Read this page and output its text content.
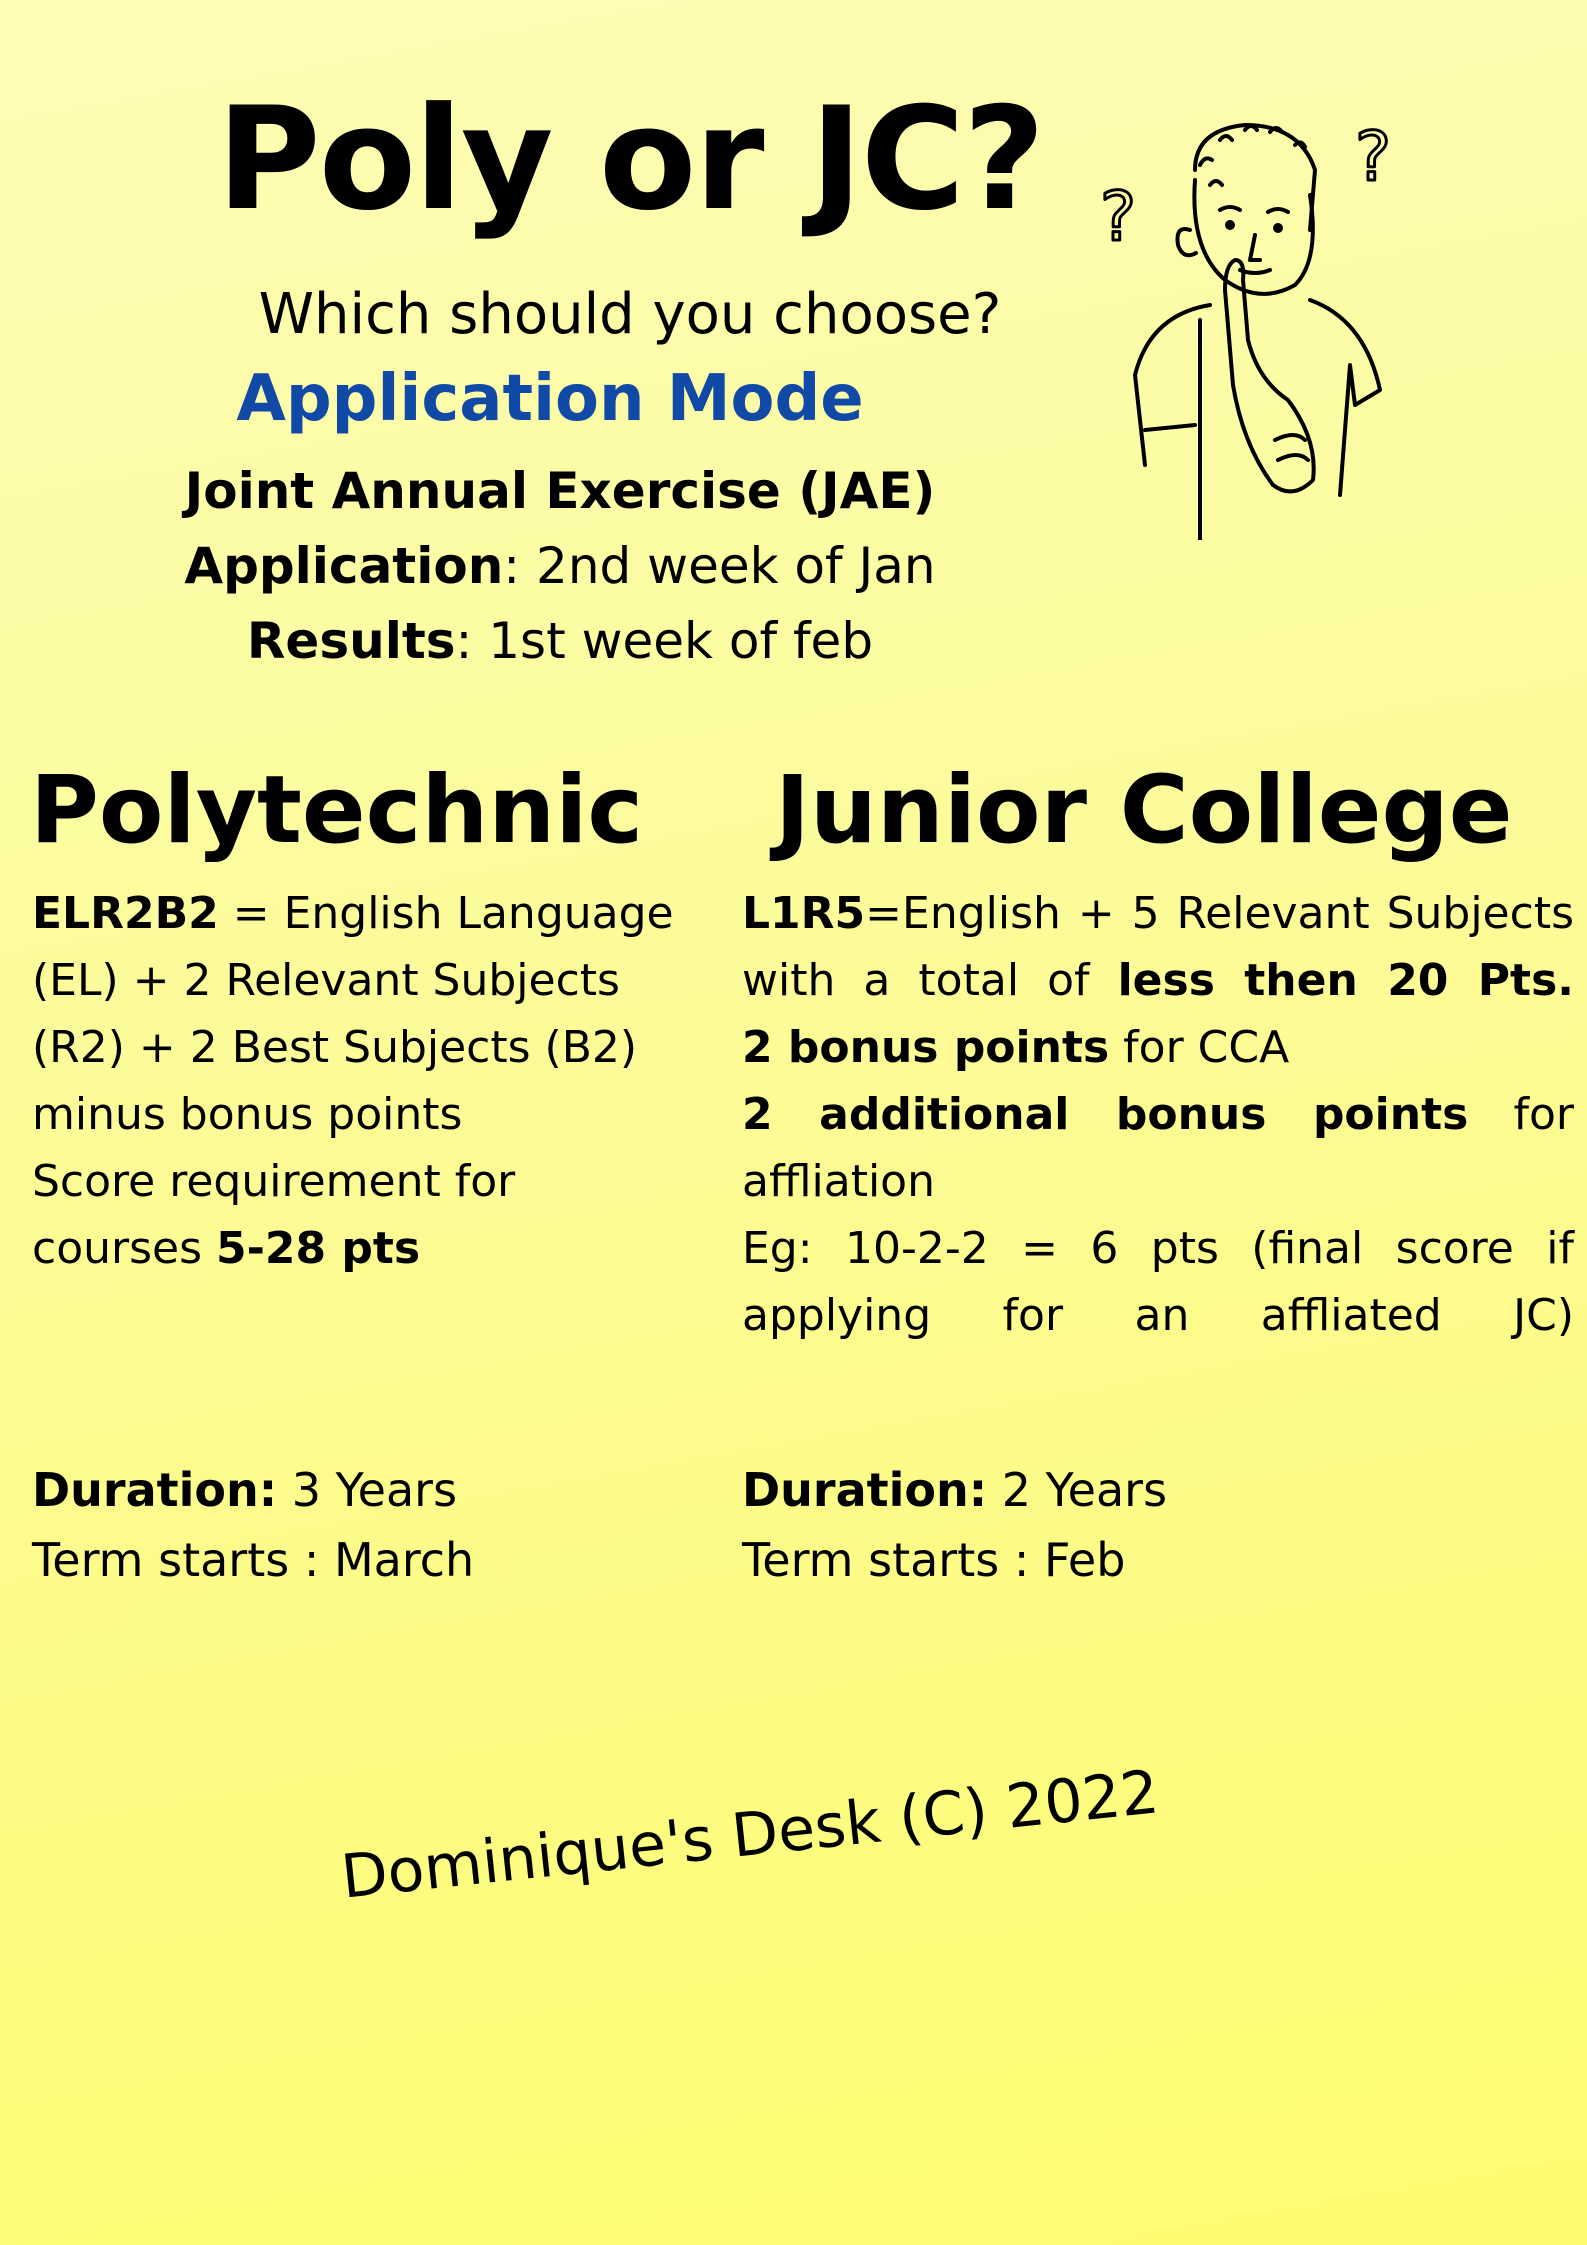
Poly or JC?
Which should you choose?
Application Mode
Joint Annual Exercise (JAE)
Application: 2nd week of Jan
Results: 1st week of feb
?
?
Polytechnic Junior College
ELR2B2 = English Language (EL) + 2 Relevant Subjects (R2) + 2 Best Subjects (B2) minus bonus points
Score requirement for courses 5-28 pts
L1R5=English + 5 Relevant Subjects with a total of less then 20 Pts.
2 bonus points for CCA
2 additional bonus points for affliation
Eg: 10-2-2 = 6 pts (final score if applying for an affliated JC)
Duration: 3 Years
Term starts : March
Duration: 2 Years
Term starts : Feb
Dominique's Desk (C) 2022
